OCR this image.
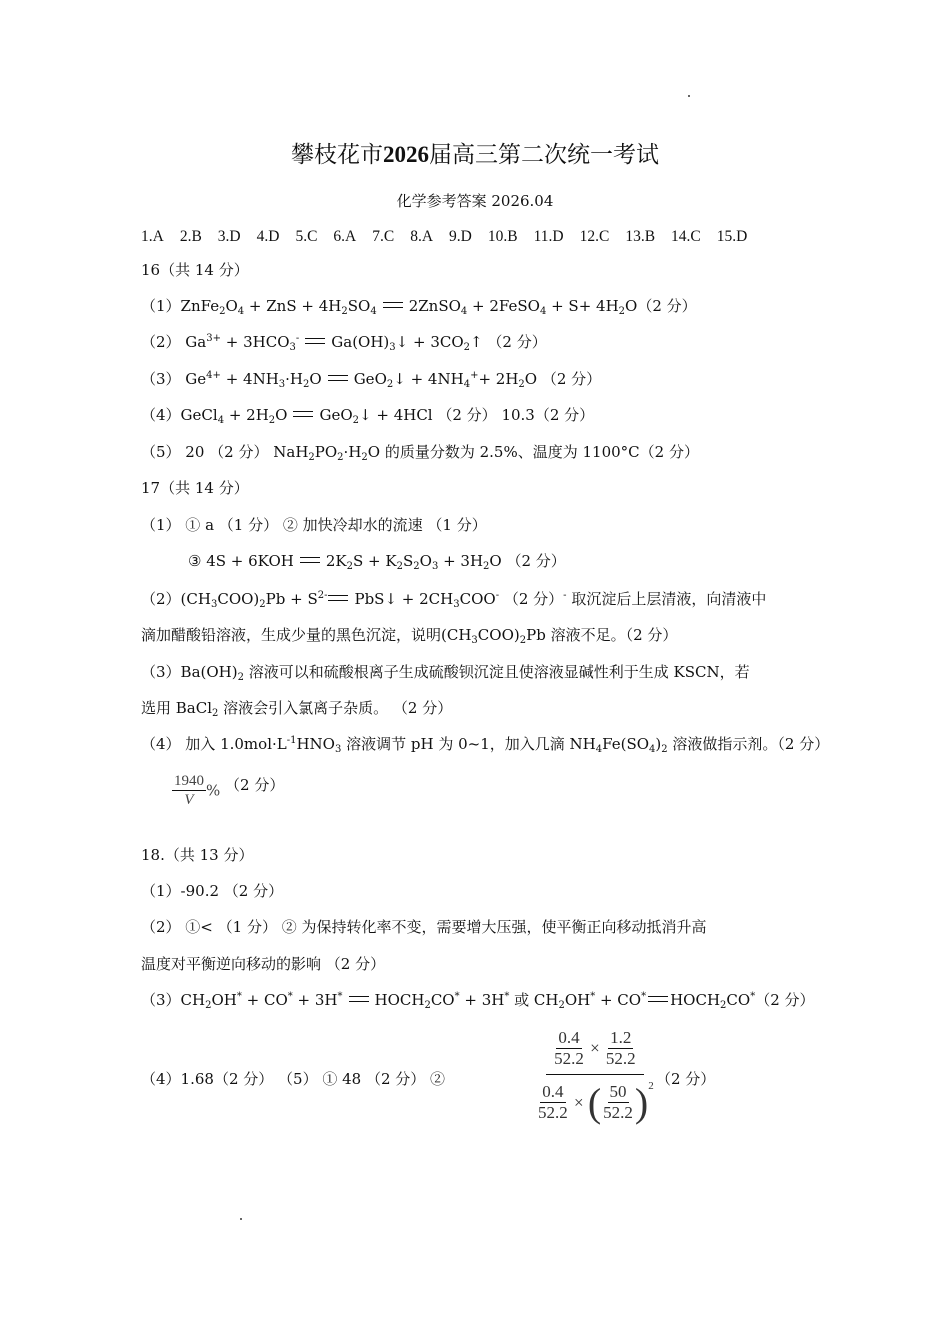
攀枝花市2026届高三第二次统一考试
化学参考答案 2026.04
1.A 2.B 3.D 4.D 5.C 6.A 7.C 8.A 9.D 10.B 11.D 12.C 13.B 14.C 15.D
16（共 14 分）
$(1)ZnFe_2O_4$ + ZnS + $4H_2SO_4$ 2ZnSO$_4$ + 2FeSO$_4$ + $S+ 4H_2O(2$ 分）
（2） $Ga^{3+} + 3HCO_3^-$ $Ga(OH)_3↓$ + $3CO_2↑$ （2 分）
（3） $Ge^{4+} + 4NH_3\cdot H_2O$ GeO$_2$↓ + $4NH_4^++ 2H_2O$ （2 分）
（4）GeCl$_4$ + $2H_2O$ GeO$_2$↓ + 4HCl （2 分） 10.3（2 分）
（5） 20 （2 分） $NaH_2PO_2\cdot H_2O$ 的质量分数为 2.5%、温度为 1100°C（2 分）
17（共 14 分）
（1） ① a （1 分） ② 加快冷却水的流速 （1 分）
③ 4S + 6KOH $2K_2S + K_2S_2O_3 + 3H_2O$ （2 分）
$(2)(CH_3COO)_2Pb + S^{2-}$ PbS↓ + $2CH_3COO^-$ （2 分）- 取沉淀后上层清液，向清液中
滴加醋酸铅溶液，生成少量的黑色沉淀，说明$(CH_3COO)_2Pb$ 溶液不足。（2 分）
$(3)Ba(OH)_2$ 溶液可以和硫酸根离子生成硫酸钡沉淀且使溶液显碱性利于生成 KSCN，若
选用 BaCl$_2$ 溶液会引入氯离子杂质。 （2 分）
（4） 加入 $1.0mol\cdot L^{-1}HNO_3$ 溶液调节 pH 为 0~1，加入几滴 $NH_4Fe(SO_4)_2$ 溶液做指示剂。（2 分）
$\frac{1940}{V}$ % （2 分）
18.（共 13 分）
（1）-90.2 （2 分）
（2） ①< （1 分） ② 为保持转化率不变，需要增大压强，使平衡正向移动抵消升高
温度对平衡逆向移动的影响 （2 分）
$(3)CH_2OH^* + CO^* + 3H^*$ $HOCH_2CO^* + 3H^*$ 或 $CH_2OH^* + CO^*$ $HOCH_2CO^*(2$ 分）
（4）1.68（2 分） （5） ① 48 （2 分） ②	$\frac{\frac{0.4}{52.2} \times \frac{1.2}{52.2}}{\frac{0.4}{52.2} \times ( \frac{50}{52.2} )^2}$
（2 分）
